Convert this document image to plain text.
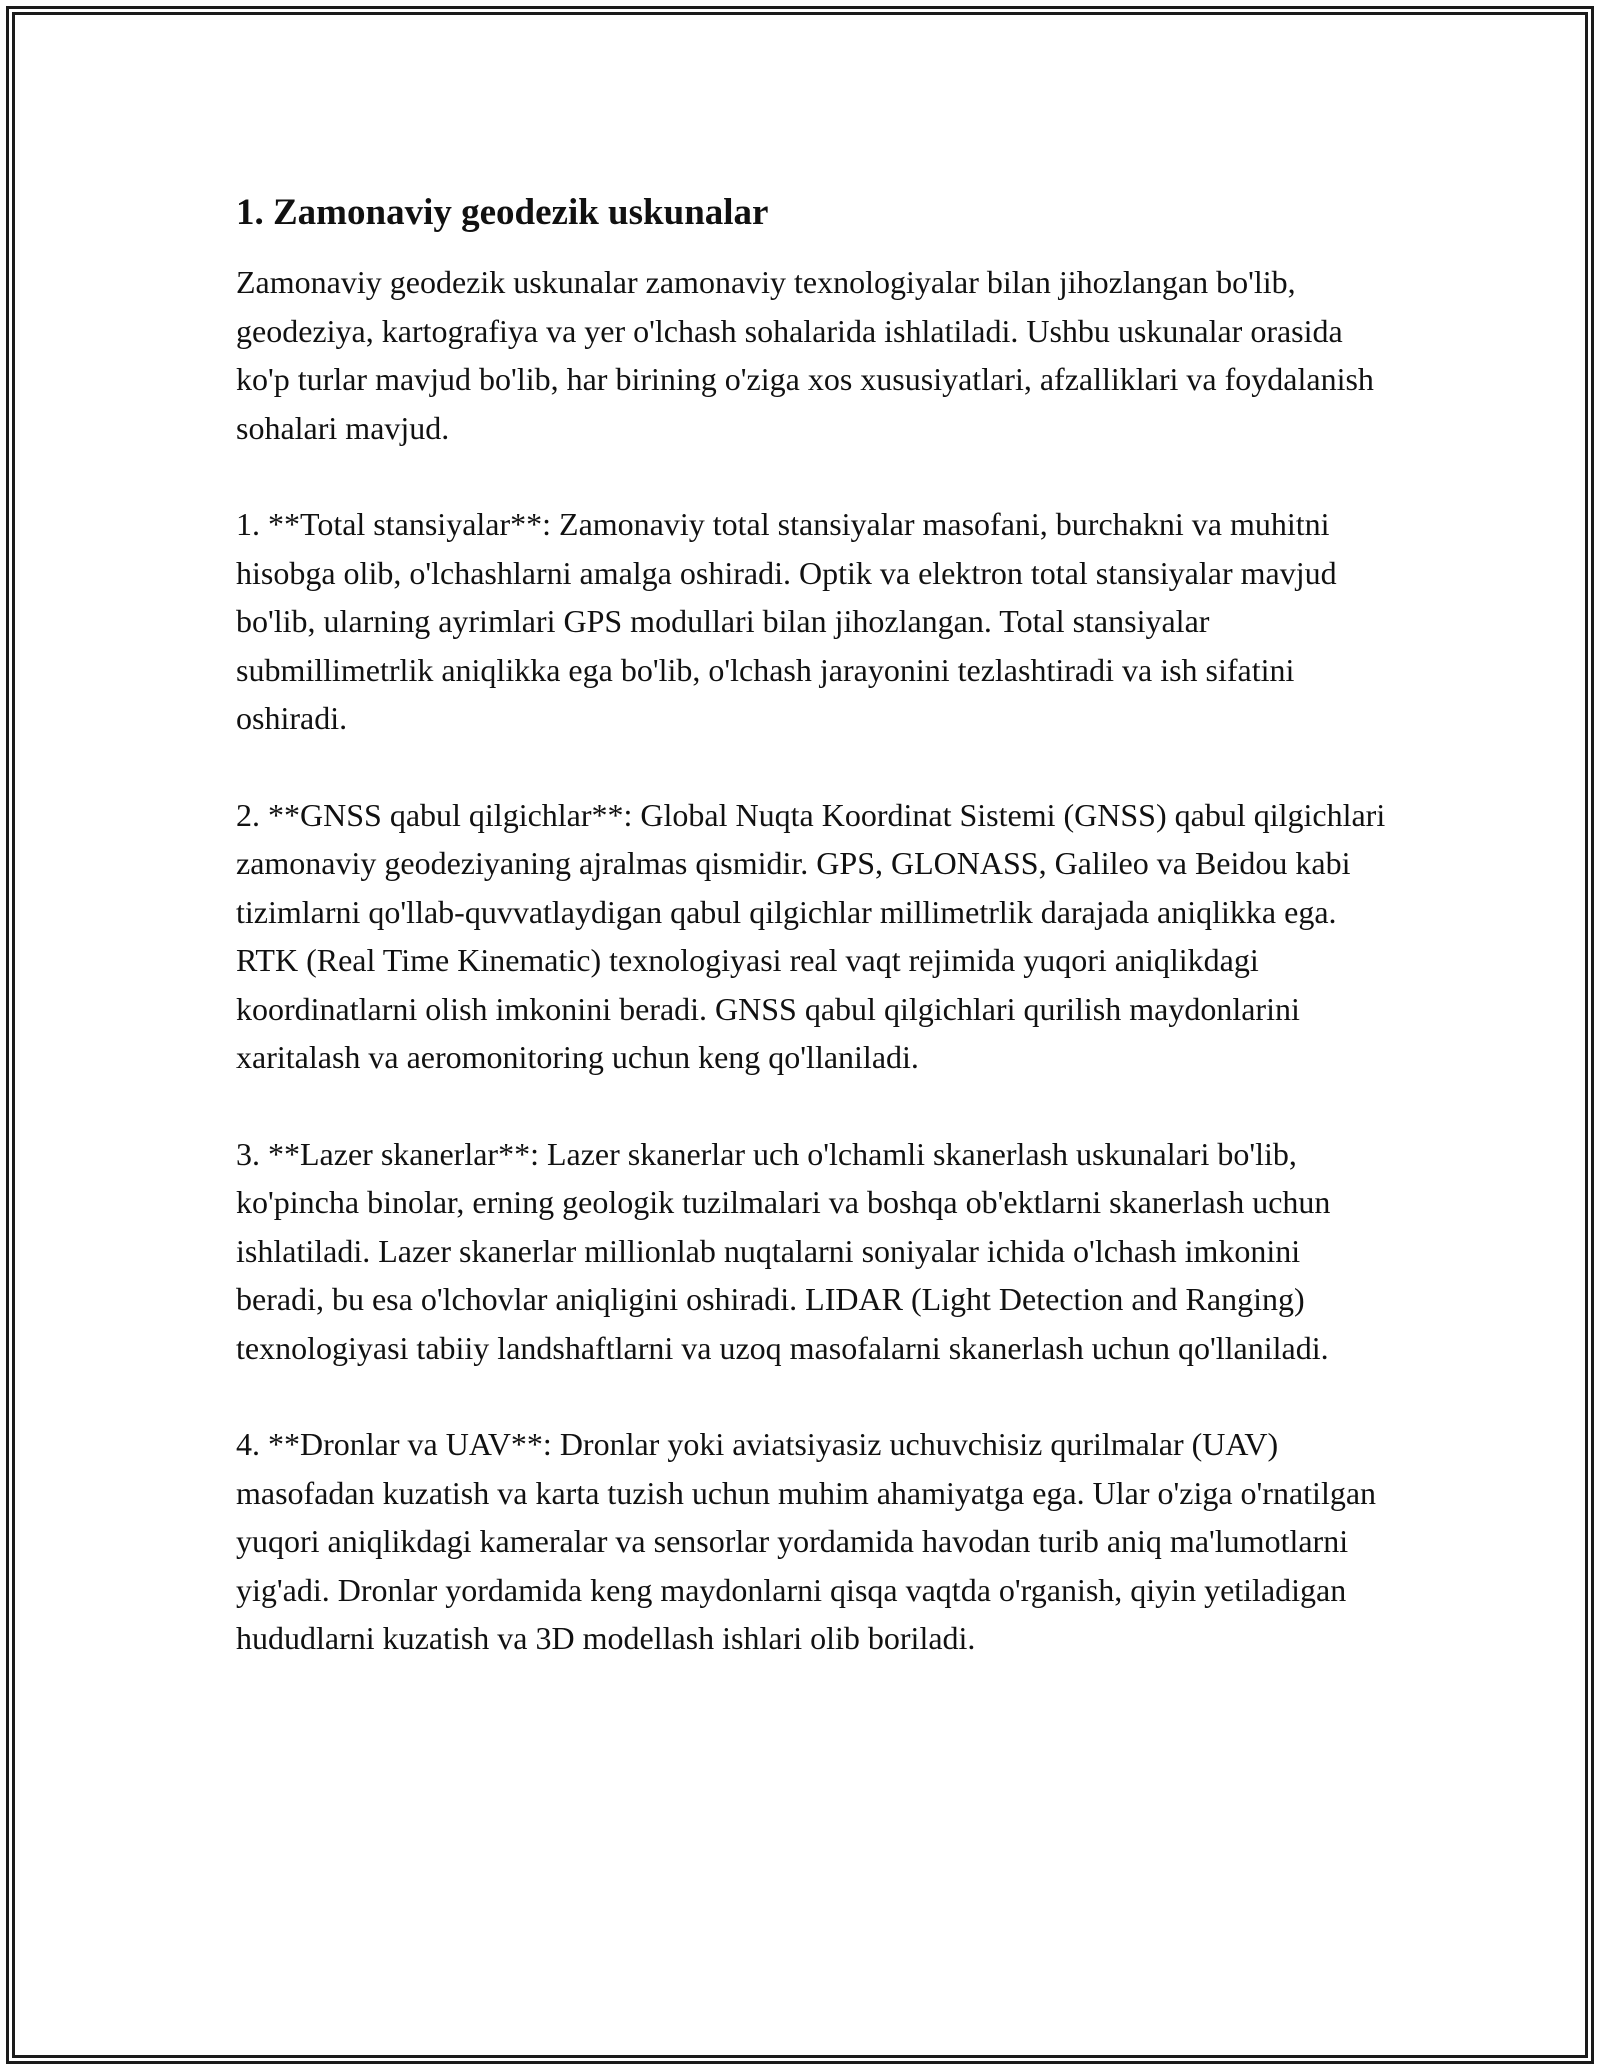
1. Zamonaviy geodezik uskunalar

Zamonaviy geodezik uskunalar zamonaviy texnologiyalar bilan jihozlangan bo'lib, geodeziya, kartografiya va yer o'lchash sohalarida ishlatiladi. Ushbu uskunalar orasida ko'p turlar mavjud bo'lib, har birining o'ziga xos xususiyatlari, afzalliklari va foydalanish sohalari mavjud.

1. **Total stansiyalar**: Zamonaviy total stansiyalar masofani, burchakni va muhitni hisobga olib, o'lchashlarni amalga oshiradi. Optik va elektron total stansiyalar mavjud bo'lib, ularning ayrimlari GPS modullari bilan jihozlangan. Total stansiyalar submillimetrlik aniqlikka ega bo'lib, o'lchash jarayonini tezlashtiradi va ish sifatini oshiradi.

2. **GNSS qabul qilgichlar**: Global Nuqta Koordinat Sistemi (GNSS) qabul qilgichlari zamonaviy geodeziyaning ajralmas qismidir. GPS, GLONASS, Galileo va Beidou kabi tizimlarni qo'llab-quvvatlaydigan qabul qilgichlar millimetrlik darajada aniqlikka ega. RTK (Real Time Kinematic) texnologiyasi real vaqt rejimida yuqori aniqlikdagi koordinatlarni olish imkonini beradi. GNSS qabul qilgichlari qurilish maydonlarini xaritalash va aeromonitoring uchun keng qo'llaniladi.

3. **Lazer skanerlar**: Lazer skanerlar uch o'lchamli skanerlash uskunalari bo'lib, ko'pincha binolar, erning geologik tuzilmalari va boshqa ob'ektlarni skanerlash uchun ishlatiladi. Lazer skanerlar millionlab nuqtalarni soniyalar ichida o'lchash imkonini beradi, bu esa o'lchovlar aniqligini oshiradi. LIDAR (Light Detection and Ranging) texnologiyasi tabiiy landshaftlarni va uzoq masofalarni skanerlash uchun qo'llaniladi.

4. **Dronlar va UAV**: Dronlar yoki aviatsiyasiz uchuvchisiz qurilmalar (UAV) masofadan kuzatish va karta tuzish uchun muhim ahamiyatga ega. Ular o'ziga o'rnatilgan yuqori aniqlikdagi kameralar va sensorlar yordamida havodan turib aniq ma'lumotlarni yig'adi. Dronlar yordamida keng maydonlarni qisqa vaqtda o'rganish, qiyin yetiladigan hududlarni kuzatish va 3D modellash ishlari olib boriladi.
